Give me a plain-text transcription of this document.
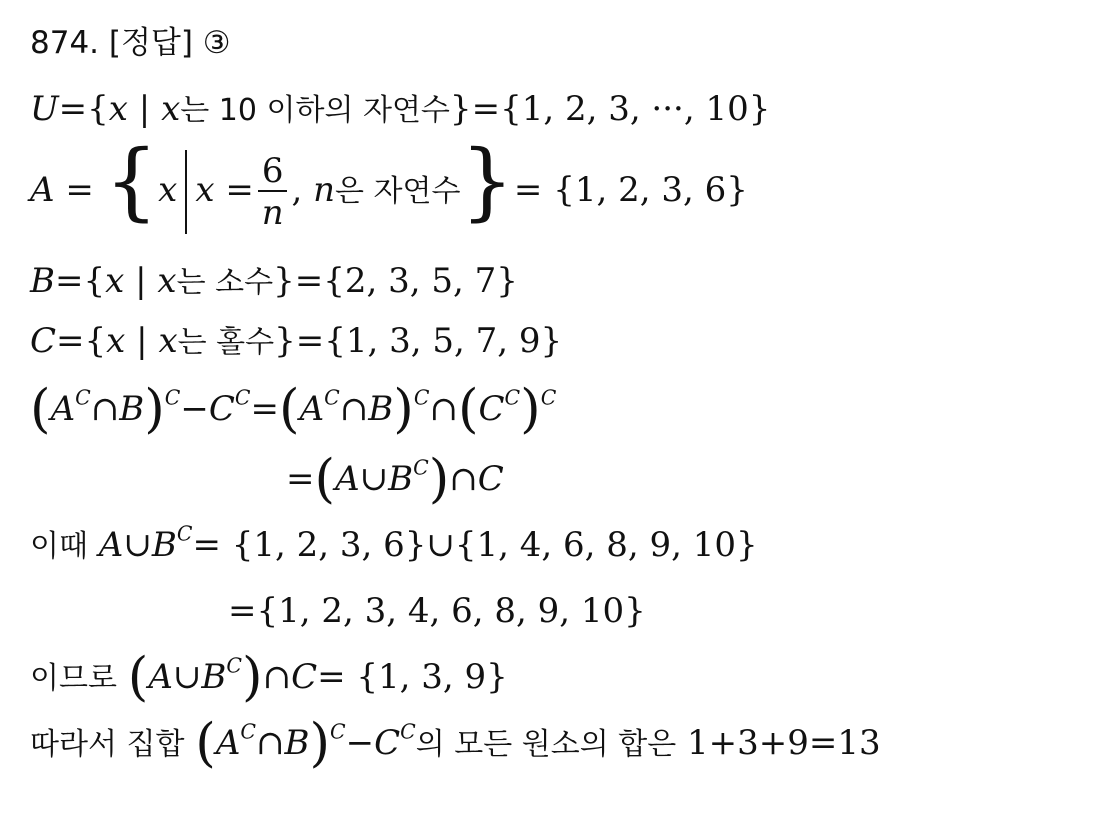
874. [정답] ③
U={x | x는 10 이하의 자연수}={1, 2, 3, ···, 10}
A = {x $x = \frac{6}{n}$ , n은 자연수}= {1, 2, 3, 6}
B={x | x는 소수}={2, 3, 5, 7}
C={x | x는 홀수}={1, 3, 5, 7, 9}
$(A^C\cap B)^C-C^C=(A^C\cap B)^C\cap(C^C)^C$
$=(A\cup B^C)\cap C$
이때 $A\cup B^C= \{1$, 2, 3, 6}∪{1, 4, 6, 8, 9, 10}
={1, 2, 3, 4, 6, 8, 9, 10}
이므로 $(A\cup B^C)\cap C= \{1$, 3, 9}
따라서 집합 $(A^C\cap B)^C-C^C$의 모든 원소의 합은 1+3+9=13
